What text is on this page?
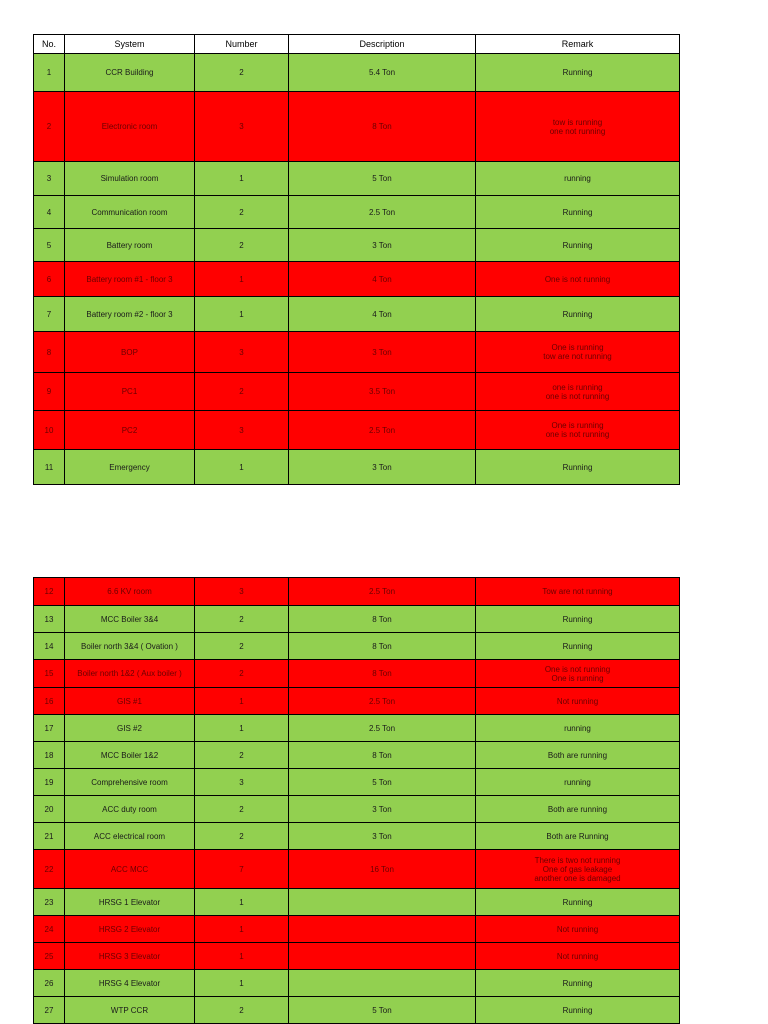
No.	System	Number	Description	Remark
1	CCR Building	2	5.4 Ton	Running
2	Electronic room	3	8 Ton	tow is running
one not running
3	Simulation room	1	5 Ton	running
4	Communication room	2	2.5 Ton	Running
5	Battery room	2	3 Ton	Running
6	Battery room #1 - floor 3	1	4 Ton	One is not running
7	Battery room #2 - floor 3	1	4 Ton	Running
8	BOP	3	3 Ton	One is running
tow are not running
9	PC1	2	3.5 Ton	one is running
one is not running
10	PC2	3	2.5 Ton	One is running
one is not running
11	Emergency	1	3 Ton	Running
12	6.6 KV room	3	2.5 Ton	Tow are not running
13	MCC Boiler 3&4	2	8 Ton	Running
14	Boiler north 3&4 ( Ovation )	2	8 Ton	Running
15	Boiler north 1&2 ( Aux boiler )	2	8 Ton	One is not running
One is running
16	GIS #1	1	2.5 Ton	Not running
17	GIS #2	1	2.5 Ton	running
18	MCC Boiler 1&2	2	8 Ton	Both are running
19	Comprehensive room	3	5 Ton	running
20	ACC duty room	2	3 Ton	Both are running
21	ACC electrical room	2	3 Ton	Both are Running
22	ACC MCC	7	16 Ton	There is two not running
One of gas leakage
another one is damaged
23	HRSG 1 Elevator	1		Running
24	HRSG 2 Elevator	1		Not running
25	HRSG 3 Elevator	1		Not running
26	HRSG 4 Elevator	1		Running
27	WTP CCR	2	5 Ton	Running
